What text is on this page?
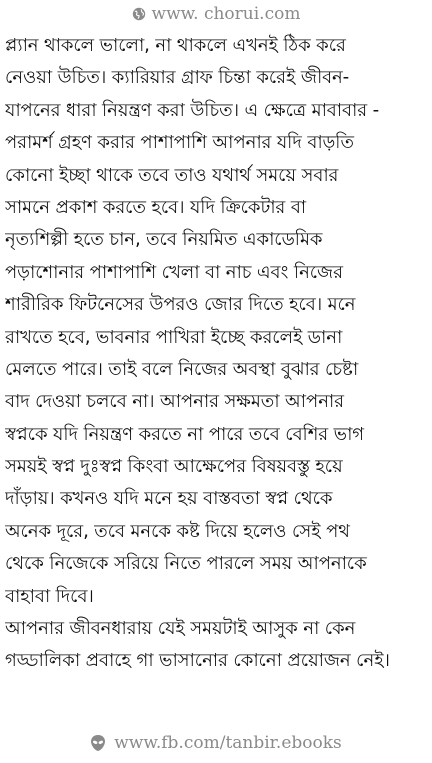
www. chorui.com
প্ল্যান থাকলে ভালো, না থাকলে এখনই ঠিক করে
নেওয়া উচিত। ক্যারিয়ার গ্রাফ চিন্তা করেই জীবন-
যাপনের ধারা নিয়ন্ত্রণ করা উচিত। এ ক্ষেত্রে মাবাবার -
পরামর্শ গ্রহণ করার পাশাপাশি আপনার যদি বাড়তি
কোনো ইচ্ছা থাকে তবে তাও যথার্থ সময়ে সবার
সামনে প্রকাশ করতে হবে। যদি ক্রিকেটার বা
নৃত্যশিল্পী হতে চান, তবে নিয়মিত একাডেমিক
পড়াশোনার পাশাপাশি খেলা বা নাচ এবং নিজের
শারীরিক ফিটনেসের উপরও জোর দিতে হবে। মনে
রাখতে হবে, ভাবনার পাখিরা ইচ্ছে করলেই ডানা
মেলতে পারে। তাই বলে নিজের অবস্থা বুঝার চেষ্টা
বাদ দেওয়া চলবে না। আপনার সক্ষমতা আপনার
স্বপ্নকে যদি নিয়ন্ত্রণ করতে না পারে তবে বেশির ভাগ
সময়ই স্বপ্ন দুঃস্বপ্ন কিংবা আক্ষেপের বিষয়বস্তু হয়ে
দাঁড়ায়। কখনও যদি মনে হয় বাস্তবতা স্বপ্ন থেকে
অনেক দূরে, তবে মনকে কষ্ট দিয়ে হলেও সেই পথ
থেকে নিজেকে সরিয়ে নিতে পারলে সময় আপনাকে
বাহাবা দিবে।
আপনার জীবনধারায় যেই সময়টাই আসুক না কেন
গড্ডালিকা প্রবাহে গা ভাসানোর কোনো প্রয়োজন নেই।
www.fb.com/tanbir.ebooks
